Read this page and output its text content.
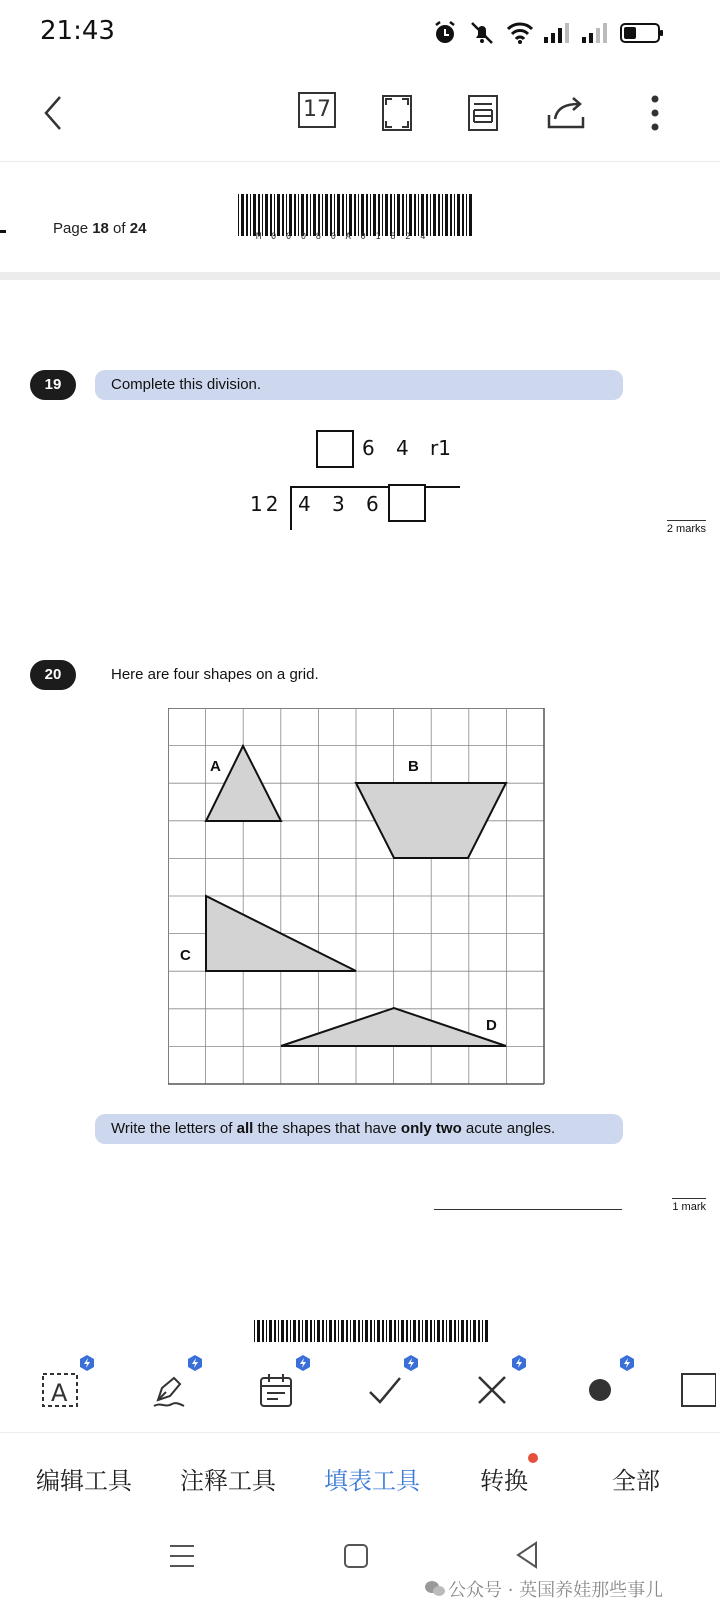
21:43
17
Page 18 of 24	M00080A01824
19	Complete this division.
6 4 r1
12 4 3 6
2 marks
20	Here are four shapes on a grid.
A	B
C
D
Write the letters of all the shapes that have only two acute angles.
1 mark
A
编辑工具 注释工具 填表工具	转换	全部
公众号 · 英国养娃那些事儿
